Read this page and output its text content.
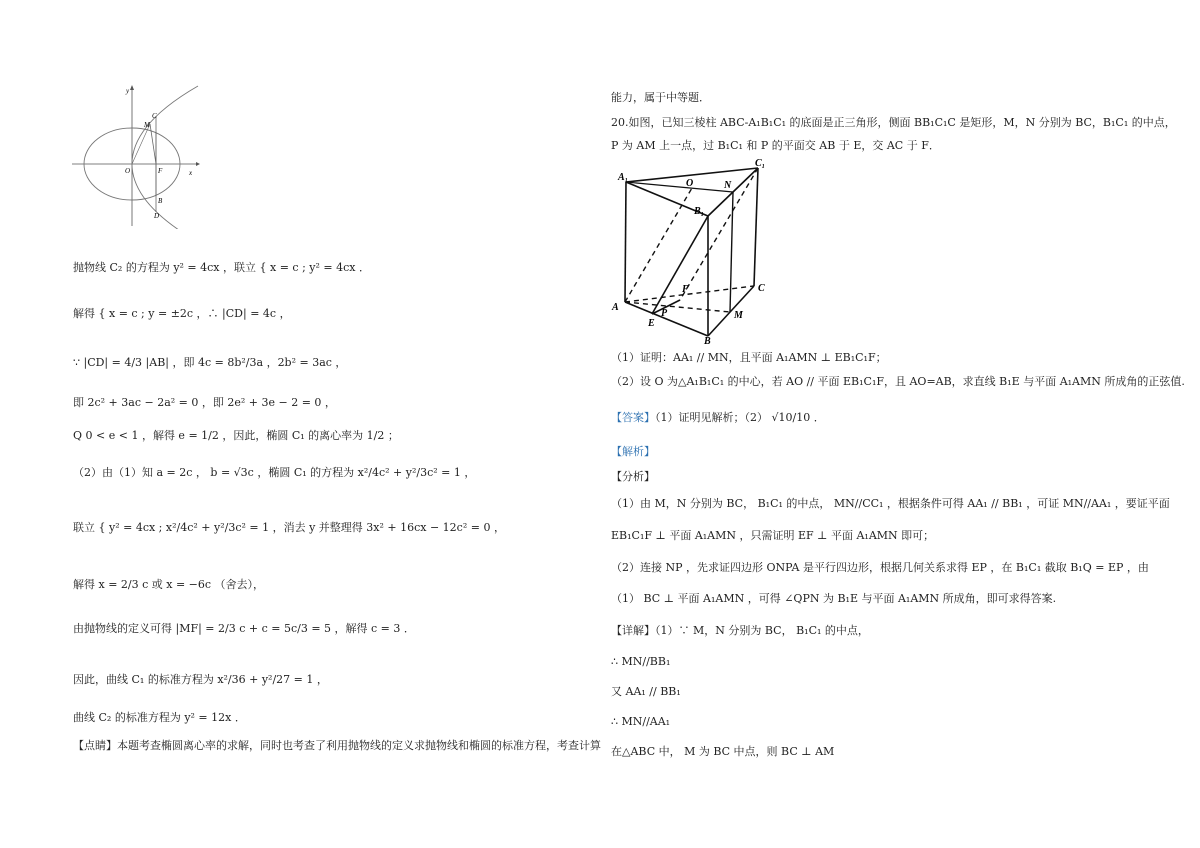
x
y
O	F
C
M
B
D
抛物线 C₂ 的方程为 y² = 4cx ，联立 { x = c ; y² = 4cx ．
解得 { x = c ; y = ±2c ，∴ |CD| = 4c ，
∵ |CD| = 4/3 |AB| ，即 4c = 8b²/3a ，2b² = 3ac ，
即 2c² + 3ac − 2a² = 0 ，即 2e² + 3e − 2 = 0 ，
Q 0 < e < 1 ，解得 e = 1/2 ，因此，椭圆 C₁ 的离心率为 1/2 ；
（2）由（1）知 a = 2c ， b = √3c ，椭圆 C₁ 的方程为 x²/4c² + y²/3c² = 1 ，
联立 { y² = 4cx ; x²/4c² + y²/3c² = 1 ，消去 y 并整理得 3x² + 16cx − 12c² = 0 ，
解得 x = 2/3 c 或 x = −6c （舍去），
由抛物线的定义可得 |MF| = 2/3 c + c = 5c/3 = 5 ，解得 c = 3 ．
因此，曲线 C₁ 的标准方程为 x²/36 + y²/27 = 1 ，
曲线 C₂ 的标准方程为 y² = 12x ．
【点睛】本题考查椭圆离心率的求解，同时也考查了利用抛物线的定义求抛物线和椭圆的标准方程，考查计算
能力，属于中等题．
20.如图，已知三棱柱 ABC-A₁B₁C₁ 的底面是正三角形，侧面 BB₁C₁C 是矩形，M，N 分别为 BC，B₁C₁ 的中点，
P 为 AM 上一点，过 B₁C₁ 和 P 的平面交 AB 于 E，交 AC 于 F．
A₁
C₁
O	N
B₁
F	C
A
P
E
M
B
（1）证明：AA₁ // MN，且平面 A₁AMN ⊥ EB₁C₁F；
（2）设 O 为△A₁B₁C₁ 的中心，若 AO // 平面 EB₁C₁F，且 AO=AB，求直线 B₁E 与平面 A₁AMN 所成角的正弦值.
【答案】（1）证明见解析；（2） √10/10 ．
【解析】
【分析】
（1）由 M，N 分别为 BC， B₁C₁ 的中点， MN//CC₁ ，根据条件可得 AA₁ // BB₁ ，可证 MN//AA₁ ，要证平面
EB₁C₁F ⊥ 平面 A₁AMN ，只需证明 EF ⊥ 平面 A₁AMN 即可；
（2）连接 NP ，先求证四边形 ONPA 是平行四边形，根据几何关系求得 EP ，在 B₁C₁ 截取 B₁Q = EP ，由
（1） BC ⊥ 平面 A₁AMN ，可得 ∠QPN 为 B₁E 与平面 A₁AMN 所成角，即可求得答案.
【详解】（1）∵ M，N 分别为 BC， B₁C₁ 的中点，
∴ MN//BB₁
又 AA₁ // BB₁
∴ MN//AA₁
在△ABC 中， M 为 BC 中点，则 BC ⊥ AM
